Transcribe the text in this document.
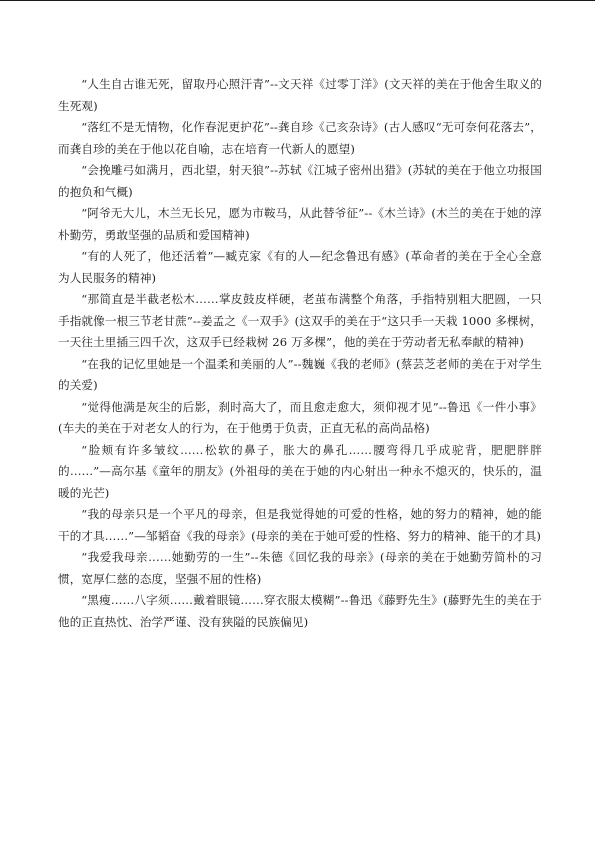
“人生自古谁无死，留取丹心照汗青”--文天祥《过零丁洋》(文天祥的美在于他舍生取义的生死观)

“落红不是无情物，化作春泥更护花”--龚自珍《己亥杂诗》(古人感叹“无可奈何花落去”，而龚自珍的美在于他以花自喻，志在培育一代新人的愿望)

“会挽雕弓如满月，西北望，射天狼”--苏轼《江城子密州出猎》(苏轼的美在于他立功报国的抱负和气概)

“阿爷无大儿，木兰无长兄，愿为市鞍马，从此替爷征”--《木兰诗》(木兰的美在于她的淳朴勤劳，勇敢坚强的品质和爱国精神)

“有的人死了，他还活着”—臧克家《有的人—纪念鲁迅有感》(革命者的美在于全心全意为人民服务的精神)

“那简直是半截老松木……掌皮鼓皮样硬，老茧布满整个角落，手指特别粗大肥圆，一只手指就像一根三节老甘蔗”--姜孟之《一双手》(这双手的美在于“这只手一天栽 1000 多棵树，一天往土里插三四千次，这双手已经栽树 26 万多棵”，他的美在于劳动者无私奉献的精神)

“在我的记忆里她是一个温柔和美丽的人”--魏巍《我的老师》(蔡芸芝老师的美在于对学生的关爱)

“觉得他满是灰尘的后影，刹时高大了，而且愈走愈大，须仰视才见”--鲁迅《一件小事》(车夫的美在于对老女人的行为，在于他勇于负责，正直无私的高尚品格)

“脸颊有许多皱纹……松软的鼻子，胀大的鼻孔……腰弯得几乎成驼背，肥肥胖胖的……”—高尔基《童年的朋友》(外祖母的美在于她的内心射出一种永不熄灭的，快乐的，温暖的光芒)

“我的母亲只是一个平凡的母亲，但是我觉得她的可爱的性格，她的努力的精神，她的能干的才具……”—邹韬奋《我的母亲》(母亲的美在于她可爱的性格、努力的精神、能干的才具)

“我爱我母亲……她勤劳的一生”--朱德《回忆我的母亲》(母亲的美在于她勤劳简朴的习惯，宽厚仁慈的态度，坚强不屈的性格)

“黑瘦……八字须……戴着眼镜……穿衣服太模糊”--鲁迅《藤野先生》(藤野先生的美在于他的正直热忱、治学严谨、没有狭隘的民族偏见)
